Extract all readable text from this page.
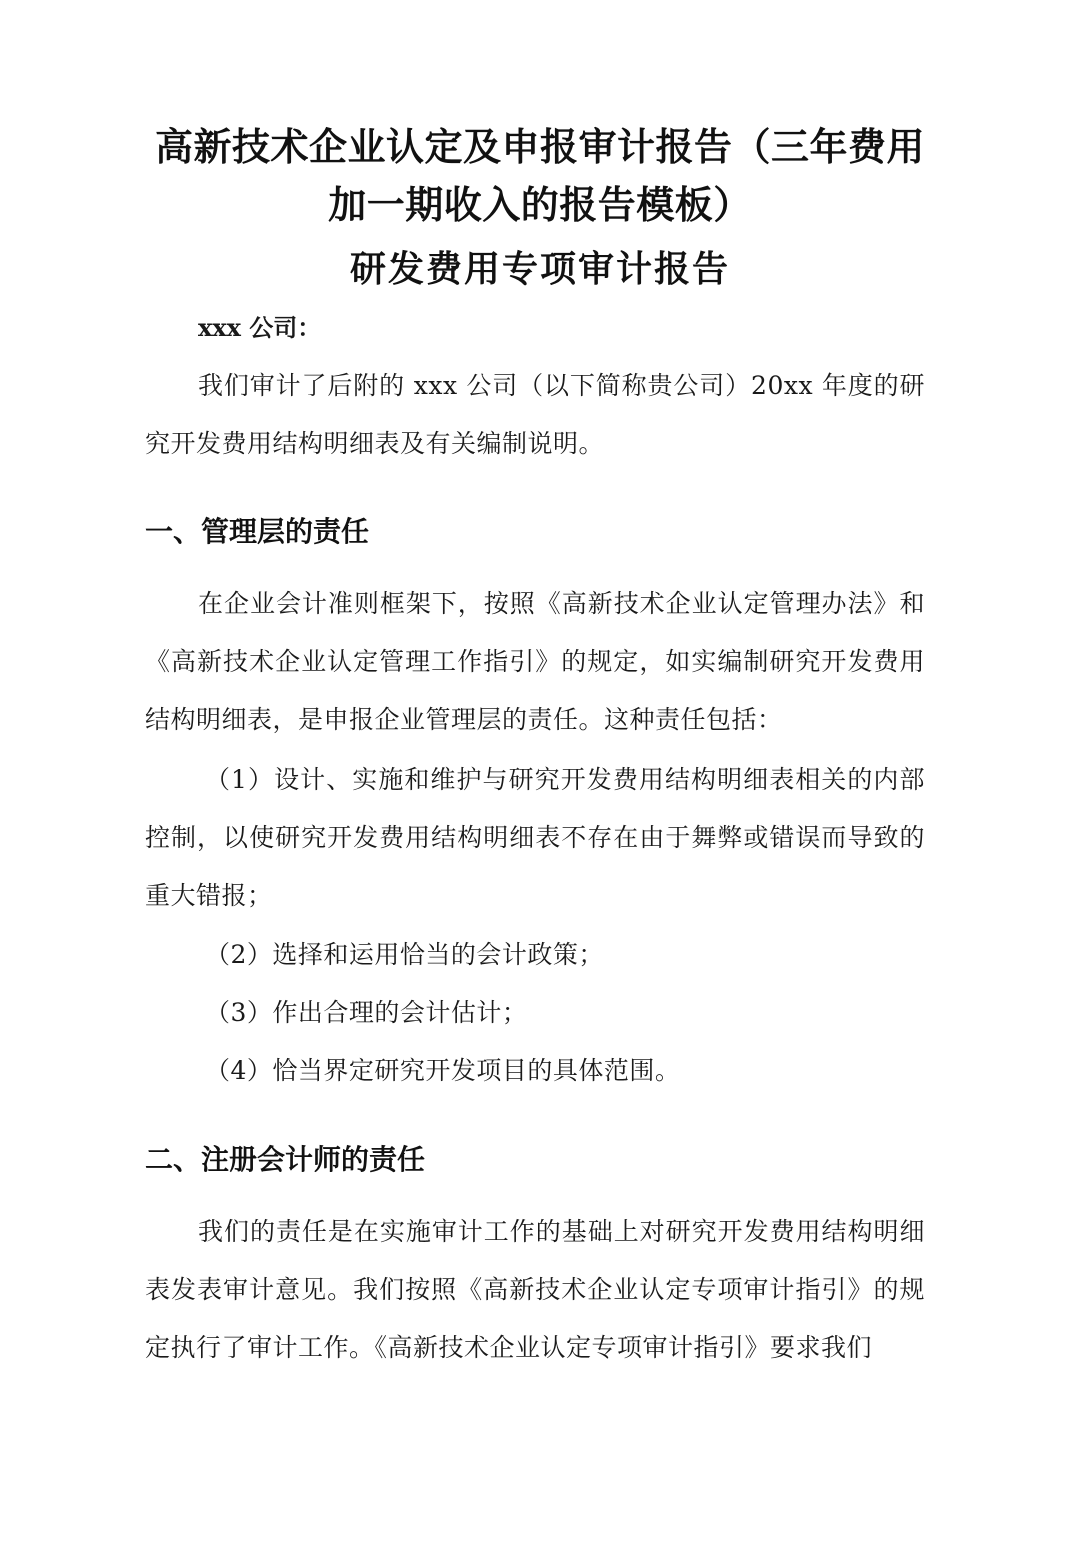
高新技术企业认定及申报审计报告（三年费用加一期收入的报告模板）
研发费用专项审计报告

xxx 公司：

我们审计了后附的 xxx 公司（以下简称贵公司）20xx 年度的研究开发费用结构明细表及有关编制说明。

一、管理层的责任

在企业会计准则框架下，按照《高新技术企业认定管理办法》和《高新技术企业认定管理工作指引》的规定，如实编制研究开发费用结构明细表，是申报企业管理层的责任。这种责任包括：

（1）设计、实施和维护与研究开发费用结构明细表相关的内部控制，以使研究开发费用结构明细表不存在由于舞弊或错误而导致的重大错报；

（2）选择和运用恰当的会计政策；

（3）作出合理的会计估计；

（4）恰当界定研究开发项目的具体范围。

二、注册会计师的责任

我们的责任是在实施审计工作的基础上对研究开发费用结构明细表发表审计意见。我们按照《高新技术企业认定专项审计指引》的规定执行了审计工作。《高新技术企业认定专项审计指引》要求我们
